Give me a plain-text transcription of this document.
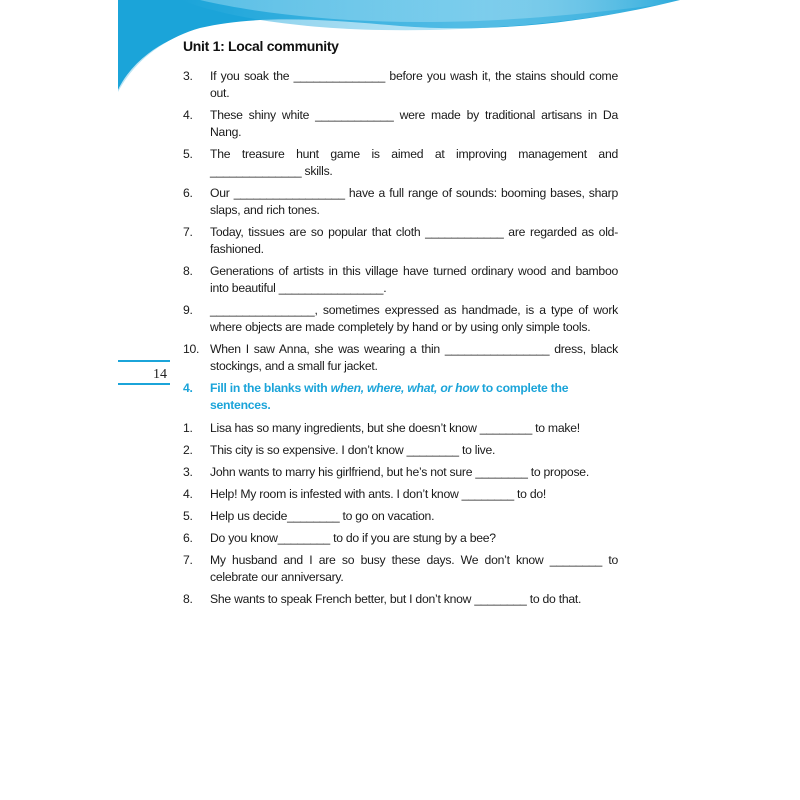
Unit 1: Local community
14
3.	If you soak the ______________ before you wash it, the stains should come out.
4.	These shiny white ____________ were made by traditional artisans in Da Nang.
5.	The treasure hunt game is aimed at improving management and ______________ skills.
6.	Our _________________ have a full range of sounds: booming bases, sharp slaps, and rich tones.
7.	Today, tissues are so popular that cloth ____________ are regarded as old-fashioned.
8.	Generations of artists in this village have turned ordinary wood and bamboo into beautiful ________________.
9.	________________, sometimes expressed as handmade, is a type of work where objects are made completely by hand or by using only simple tools.
10. When I saw Anna, she was wearing a thin ________________ dress, black stockings, and a small fur jacket.
4.	Fill in the blanks with when, where, what, or how to complete the sentences.
1.	Lisa has so many ingredients, but she doesn’t know ________ to make!
2.	This city is so expensive. I don’t know ________ to live.
3.	John wants to marry his girlfriend, but he’s not sure ________ to propose.
4.	Help! My room is infested with ants. I don’t know ________ to do!
5.	Help us decide________ to go on vacation.
6.	Do you know________ to do if you are stung by a bee?
7.	My husband and I are so busy these days. We don’t know ________ to celebrate our anniversary.
8.	She wants to speak French better, but I don’t know ________ to do that.
